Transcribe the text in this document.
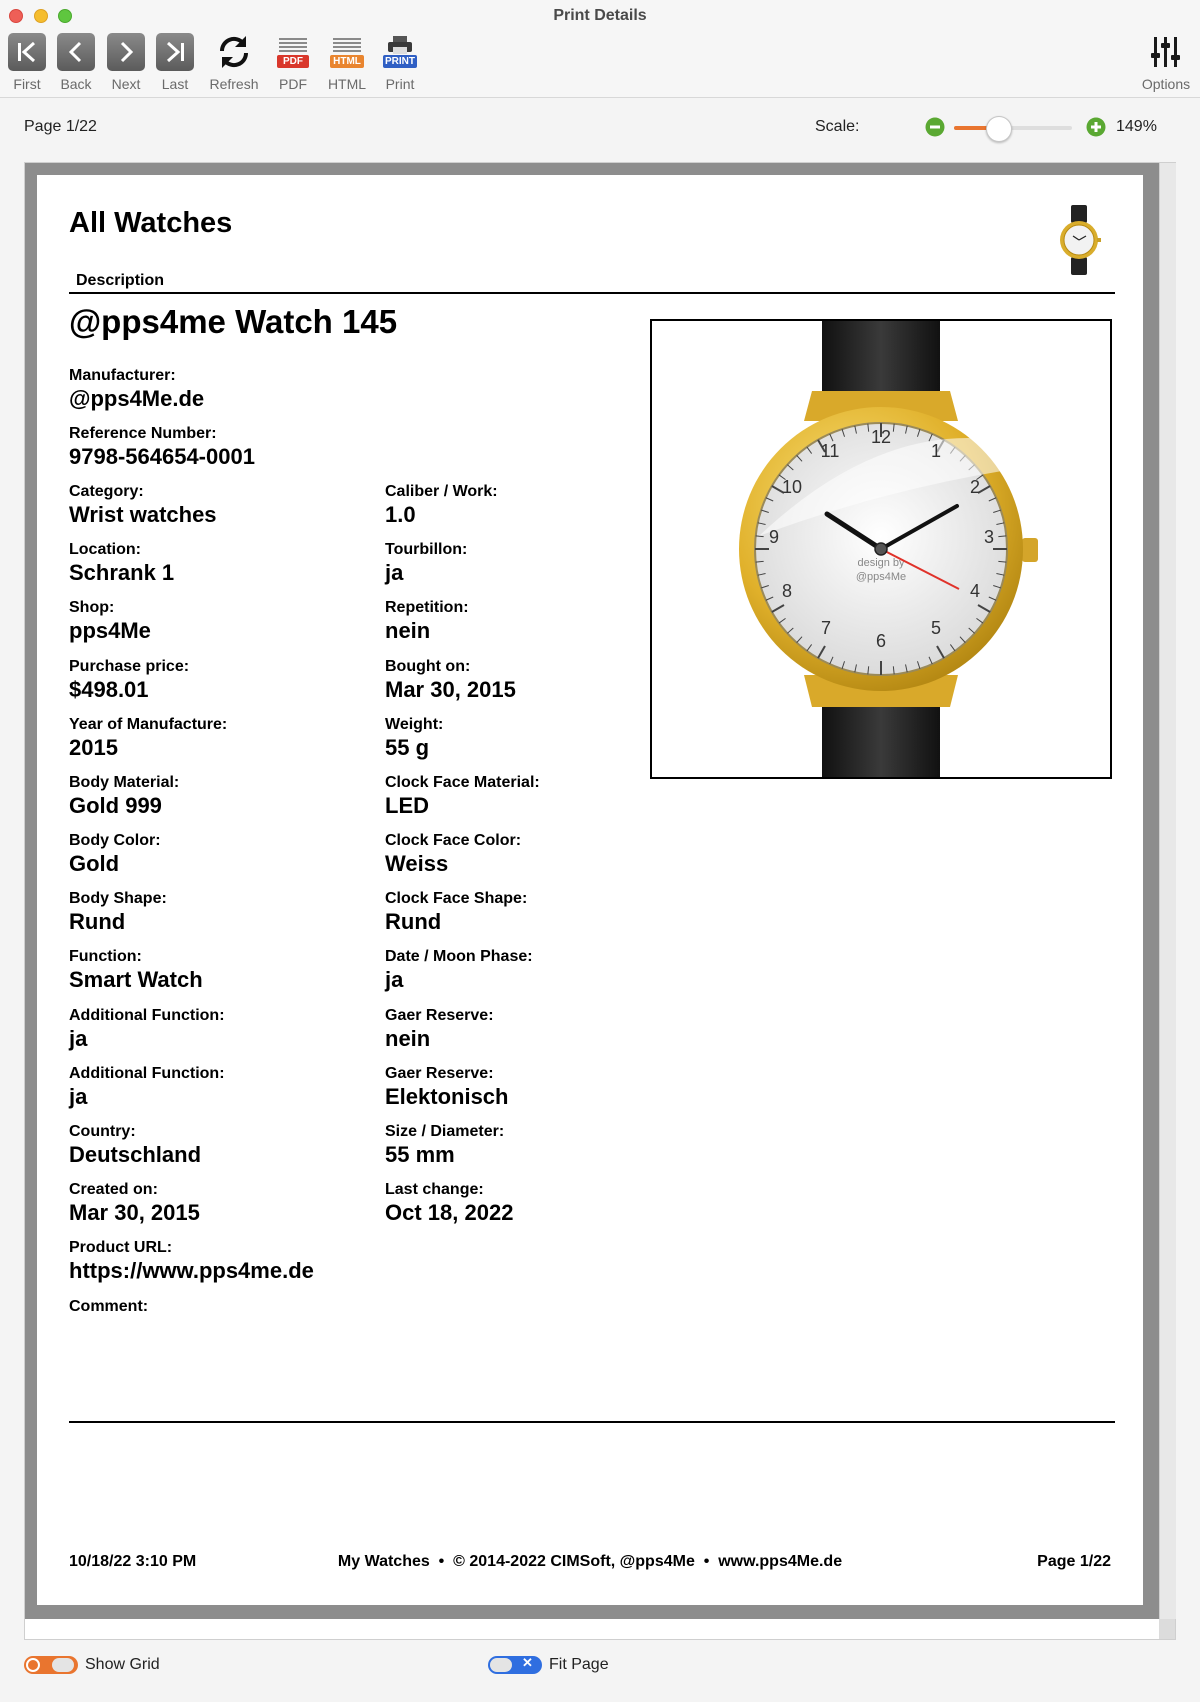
Print Details
First	Back	Next	Last	Refresh
PDF
PDF
HTML
HTML
PRINT
Print	Options
Page 1/22	Scale:	149%
All Watches
Description
@pps4me Watch 145
12
1
2
3
4
5
6
7
8
9
10
11
design by
@pps4Me
Manufacturer:
@pps4Me.de
Reference Number:
9798-564654-0001
Category:
Wrist watches
Caliber / Work:
1.0
Location:
Schrank 1
Tourbillon:
ja
Shop:
pps4Me
Repetition:
nein
Purchase price:
$498.01
Bought on:
Mar 30, 2015
Year of Manufacture:
2015
Weight:
55 g
Body Material:
Gold 999
Clock Face Material:
LED
Body Color:
Gold
Clock Face Color:
Weiss
Body Shape:
Rund
Clock Face Shape:
Rund
Function:
Smart Watch
Date / Moon Phase:
ja
Additional Function:
ja
Gaer Reserve:
nein
Additional Function:
ja
Gaer Reserve:
Elektonisch
Country:
Deutschland
Size / Diameter:
55 mm
Created on:
Mar 30, 2015
Last change:
Oct 18, 2022
Product URL:
https://www.pps4me.de
Comment:
10/18/22 3:10 PM	My Watches  •  © 2014-2022 CIMSoft, @pps4Me  •  www.pps4Me.de	Page 1/22
Show Grid	✕ Fit Page
